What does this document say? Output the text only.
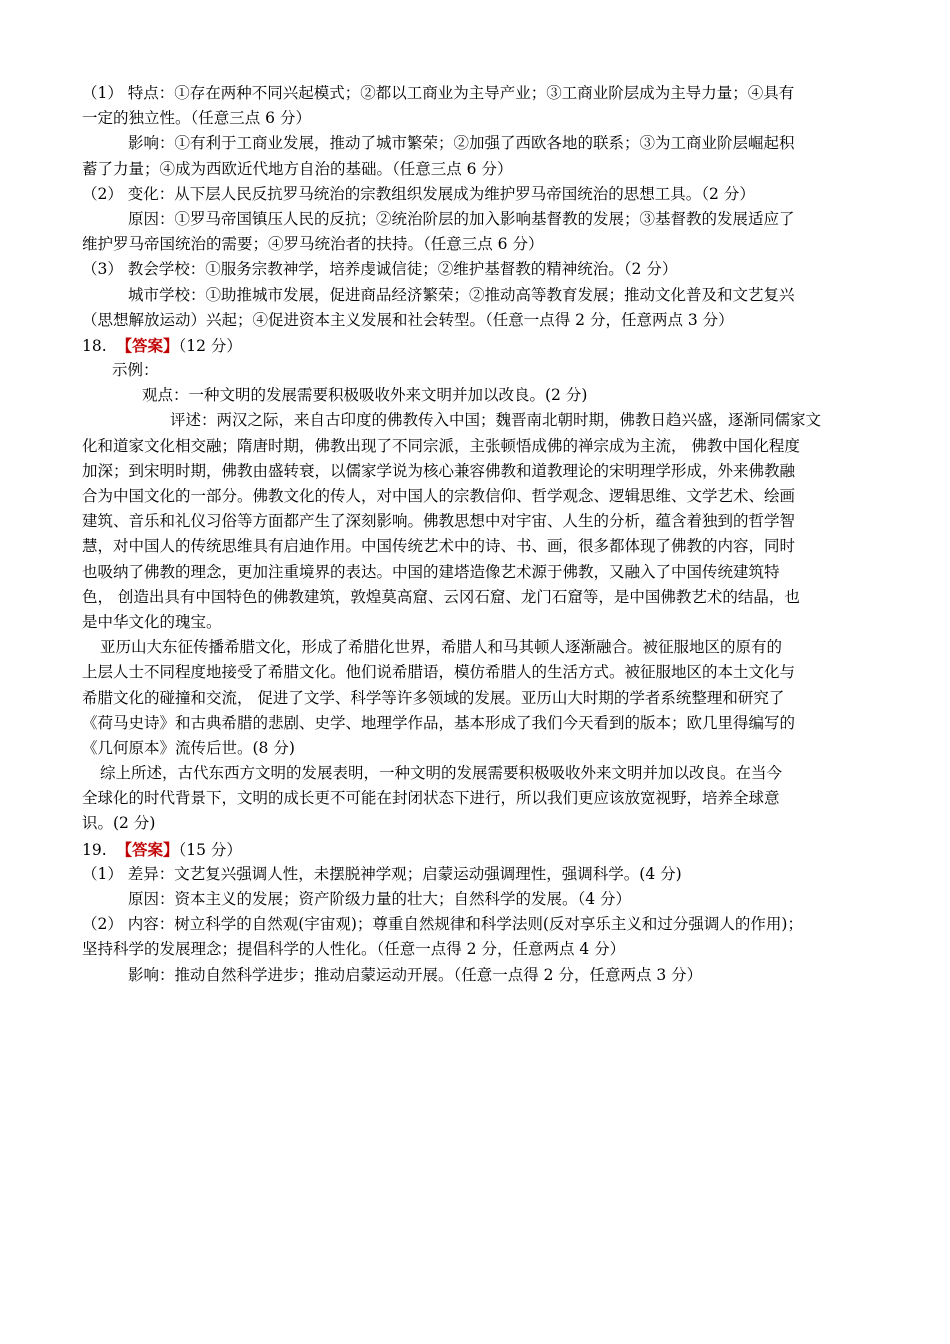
（1） 特点：①存在两种不同兴起模式；②都以工商业为主导产业；③工商业阶层成为主导力量；④具有
一定的独立性。（任意三点 6 分）
影响：①有利于工商业发展，推动了城市繁荣；②加强了西欧各地的联系；③为工商业阶层崛起积
蓄了力量；④成为西欧近代地方自治的基础。（任意三点 6 分）
（2） 变化：从下层人民反抗罗马统治的宗教组织发展成为维护罗马帝国统治的思想工具。（2 分）
原因：①罗马帝国镇压人民的反抗；②统治阶层的加入影响基督教的发展；③基督教的发展适应了
维护罗马帝国统治的需要；④罗马统治者的扶持。（任意三点 6 分）
（3） 教会学校：①服务宗教神学，培养虔诚信徒；②维护基督教的精神统治。（2 分）
城市学校：①助推城市发展，促进商品经济繁荣；②推动高等教育发展；推动文化普及和文艺复兴
（思想解放运动）兴起；④促进资本主义发展和社会转型。（任意一点得 2 分，任意两点 3 分）
18. 【答案】（12 分）
示例：
观点：一种文明的发展需要积极吸收外来文明并加以改良。(2 分)
评述：两汉之际，来自古印度的佛教传入中国；魏晋南北朝时期，佛教日趋兴盛，逐渐同儒家文
化和道家文化相交融；隋唐时期，佛教出现了不同宗派，主张顿悟成佛的禅宗成为主流， 佛教中国化程度
加深；到宋明时期，佛教由盛转衰，以儒家学说为核心兼容佛教和道教理论的宋明理学形成，外来佛教融
合为中国文化的一部分。佛教文化的传人，对中国人的宗教信仰、哲学观念、逻辑思维、文学艺术、绘画
建筑、音乐和礼仪习俗等方面都产生了深刻影响。佛教思想中对宇宙、人生的分析，蕴含着独到的哲学智
慧，对中国人的传统思维具有启迪作用。中国传统艺术中的诗、书、画，很多都体现了佛教的内容，同时
也吸纳了佛教的理念，更加注重境界的表达。中国的建塔造像艺术源于佛教，又融入了中国传统建筑特
色， 创造出具有中国特色的佛教建筑，敦煌莫高窟、云冈石窟、龙门石窟等，是中国佛教艺术的结晶，也
是中华文化的瑰宝。
亚历山大东征传播希腊文化，形成了希腊化世界，希腊人和马其顿人逐渐融合。被征服地区的原有的
上层人士不同程度地接受了希腊文化。他们说希腊语，模仿希腊人的生活方式。被征服地区的本土文化与
希腊文化的碰撞和交流， 促进了文学、科学等许多领域的发展。亚历山大时期的学者系统整理和研究了
《荷马史诗》和古典希腊的悲剧、史学、地理学作品，基本形成了我们今天看到的版本；欧几里得编写的
《几何原本》流传后世。(8 分)
综上所述，古代东西方文明的发展表明，一种文明的发展需要积极吸收外来文明并加以改良。在当今
全球化的时代背景下，文明的成长更不可能在封闭状态下进行，所以我们更应该放宽视野，培养全球意
识。(2 分)
19. 【答案】（15 分）
（1） 差异：文艺复兴强调人性，未摆脱神学观；启蒙运动强调理性，强调科学。(4 分)
原因：资本主义的发展；资产阶级力量的壮大；自然科学的发展。（4 分）
（2） 内容：树立科学的自然观(宇宙观)；尊重自然规律和科学法则(反对享乐主义和过分强调人的作用)；
坚持科学的发展理念；提倡科学的人性化。（任意一点得 2 分，任意两点 4 分）
影响：推动自然科学进步；推动启蒙运动开展。（任意一点得 2 分，任意两点 3 分）
